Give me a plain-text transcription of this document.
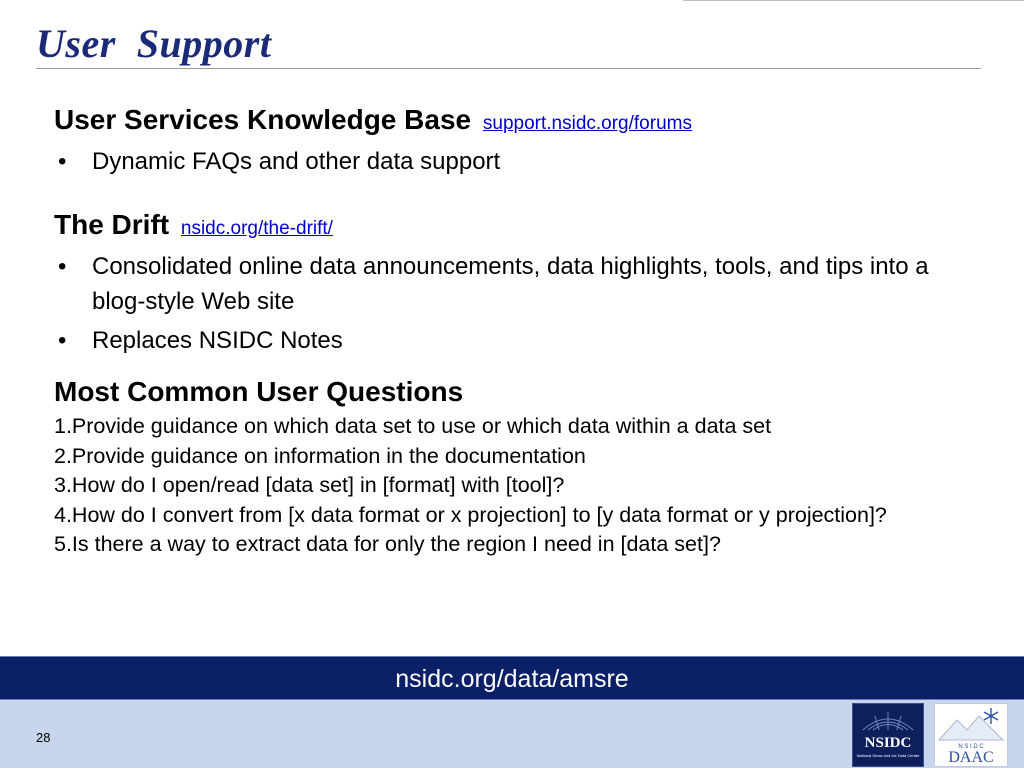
User  Support
User Services Knowledge Base support.nsidc.org/forums
• Dynamic FAQs and other data support
The Drift nsidc.org/the-drift/
• Consolidated online data announcements, data highlights, tools, and tips into a blog-style Web site
• Replaces NSIDC Notes
Most Common User Questions
1.Provide guidance on which data set to use or which data within a data set
2.Provide guidance on information in the documentation
3.How do I open/read [data set] in [format] with [tool]?
4.How do I convert from [x data format or x projection] to [y data format or y projection]?
5.Is there a way to extract data for only the region I need in [data set]?
nsidc.org/data/amsre
28	NSIDC
National Snow and Ice Data Center
N S I D C
DAAC
